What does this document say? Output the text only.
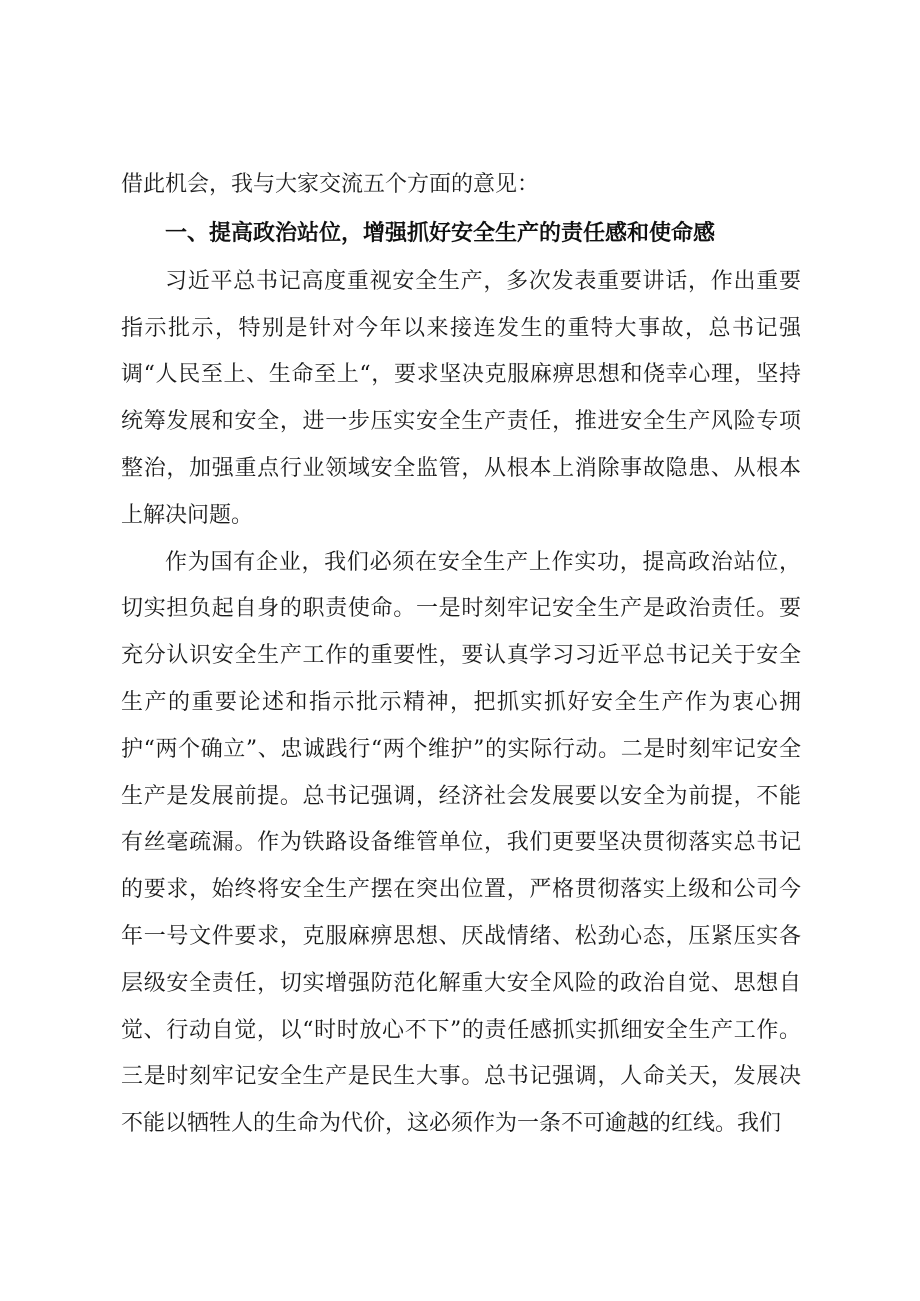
借此机会，我与大家交流五个方面的意见：

一、提高政治站位，增强抓好安全生产的责任感和使命感

习近平总书记高度重视安全生产，多次发表重要讲话，作出重要指示批示，特别是针对今年以来接连发生的重特大事故，总书记强调“人民至上、生命至上“，要求坚决克服麻痹思想和侥幸心理，坚持统筹发展和安全，进一步压实安全生产责任，推进安全生产风险专项整治，加强重点行业领域安全监管，从根本上消除事故隐患、从根本上解决问题。

作为国有企业，我们必须在安全生产上作实功，提高政治站位，切实担负起自身的职责使命。一是时刻牢记安全生产是政治责任。要充分认识安全生产工作的重要性，要认真学习习近平总书记关于安全生产的重要论述和指示批示精神，把抓实抓好安全生产作为衷心拥护“两个确立”、忠诚践行“两个维护”的实际行动。二是时刻牢记安全生产是发展前提。总书记强调，经济社会发展要以安全为前提，不能有丝毫疏漏。作为铁路设备维管单位，我们更要坚决贯彻落实总书记的要求，始终将安全生产摆在突出位置，严格贯彻落实上级和公司今年一号文件要求，克服麻痹思想、厌战情绪、松劲心态，压紧压实各层级安全责任，切实增强防范化解重大安全风险的政治自觉、思想自觉、行动自觉，以“时时放心不下”的责任感抓实抓细安全生产工作。三是时刻牢记安全生产是民生大事。总书记强调，人命关天，发展决不能以牺牲人的生命为代价，这必须作为一条不可逾越的红线。我们
